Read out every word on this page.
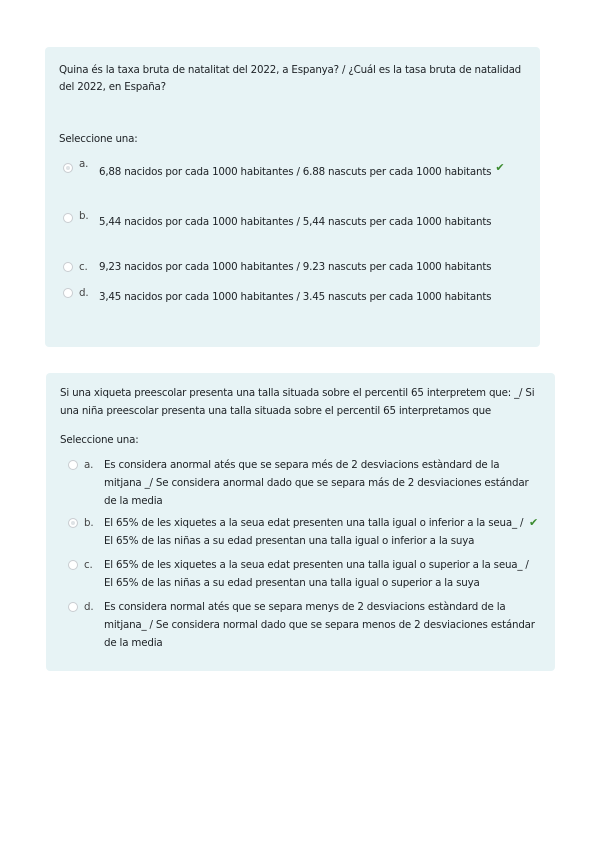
Quina és la taxa bruta de natalitat del 2022, a Espanya? / ¿Cuál es la tasa bruta de natalidad del 2022, en España?
Seleccione una:
a.
6,88 nacidos por cada 1000 habitantes / 6.88 nascuts per cada 1000 habitants ✔
b.	5,44 nacidos por cada 1000 habitantes / 5,44 nascuts per cada 1000 habitants
c.	9,23 nacidos por cada 1000 habitantes / 9.23 nascuts per cada 1000 habitants
d.	3,45 nacidos por cada 1000 habitantes / 3.45 nascuts per cada 1000 habitants
Si una xiqueta preescolar presenta una talla situada sobre el percentil 65 interpretem que: _/ Si una niña preescolar presenta una talla situada sobre el percentil 65 interpretamos que
Seleccione una:
a.	Es considera anormal atés que se separa més de 2 desviacions estàndard de la mitjana _/ Se considera anormal dado que se separa más de 2 desviaciones estándar de la media
b.	El 65% de les xiquetes a la seua edat presenten una talla igual o inferior a la seua_ / El 65% de las niñas a su edad presentan una talla igual o inferior a la suya
✔
c.	El 65% de les xiquetes a la seua edat presenten una talla igual o superior a la seua_ / El 65% de las niñas a su edad presentan una talla igual o superior a la suya
d.	Es considera normal atés que se separa menys de 2 desviacions estàndard de la mitjana_ / Se considera normal dado que se separa menos de 2 desviaciones estándar de la media
